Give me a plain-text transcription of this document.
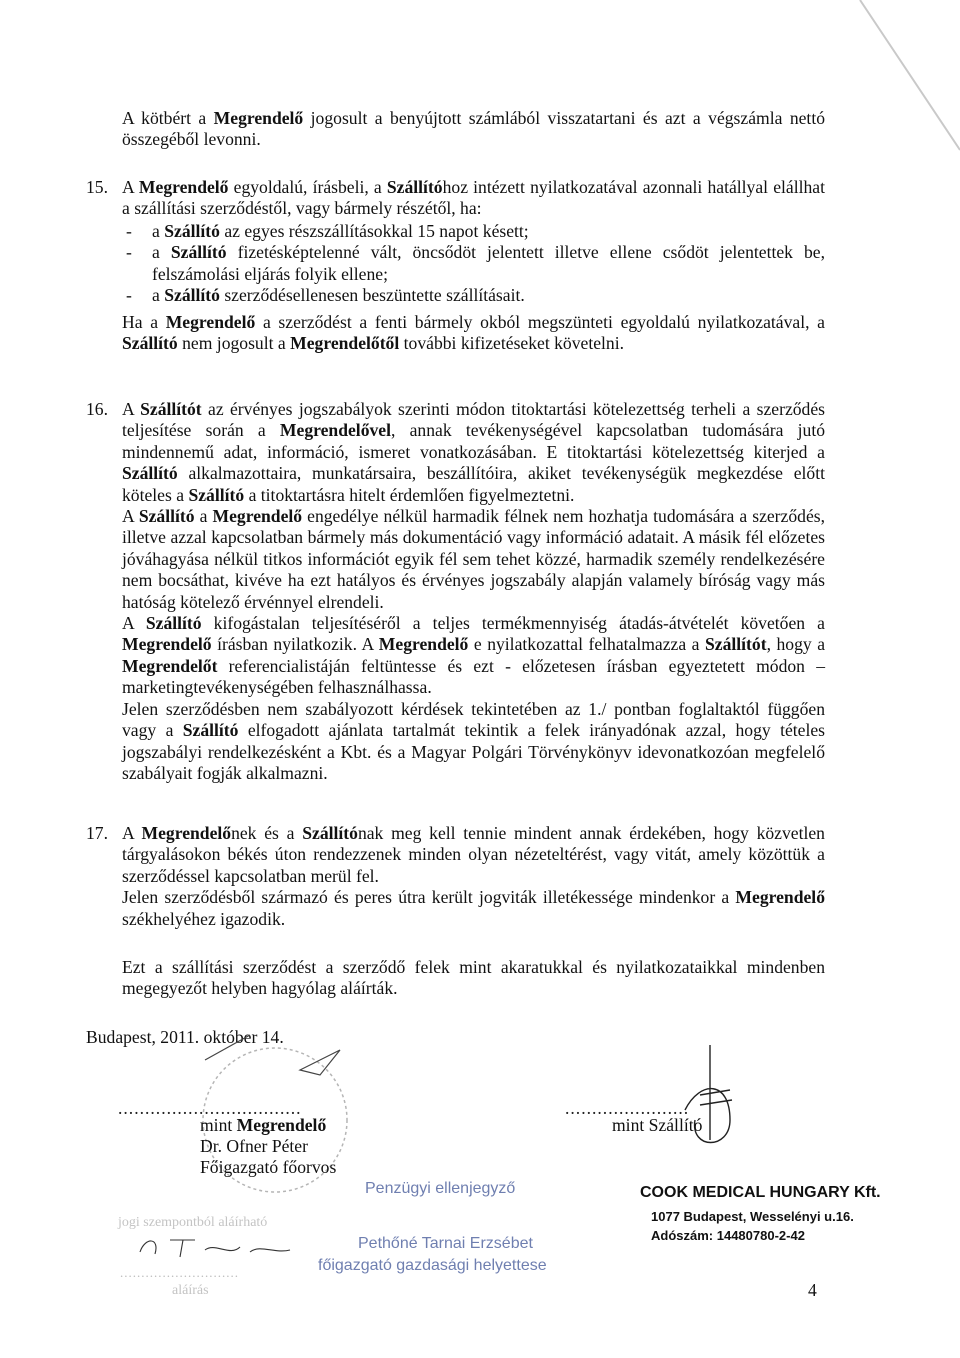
A kötbért a Megrendelő jogosult a benyújtott számlából visszatartani és azt a végszámla nettó összegéből levonni.

15. A Megrendelő egyoldalú, írásbeli, a Szállítóhoz intézett nyilatkozatával azonnali hatállyal elállhat a szállítási szerződéstől, vagy bármely részétől, ha:

- a Szállító az egyes részszállításokkal 15 napot késett;
- a Szállító fizetésképtelenné vált, öncsődöt jelentett illetve ellene csődöt jelentettek be, felszámolási eljárás folyik ellene;
- a Szállító szerződésellenesen beszüntette szállításait.

Ha a Megrendelő a szerződést a fenti bármely okból megszünteti egyoldalú nyilatkozatával, a Szállító nem jogosult a Megrendelőtől további kifizetéseket követelni.

16. A Szállítót az érvényes jogszabályok szerinti módon titoktartási kötelezettség terheli a szerződés teljesítése során a Megrendelővel, annak tevékenységével kapcsolatban tudomására jutó mindennemű adat, információ, ismeret vonatkozásában. E titoktartási kötelezettség kiterjed a Szállító alkalmazottaira, munkatársaira, beszállítóira, akiket tevékenységük megkezdése előtt köteles a Szállító a titoktartásra hitelt érdemlően figyelmeztetni.

A Szállító a Megrendelő engedélye nélkül harmadik félnek nem hozhatja tudomására a szerződés, illetve azzal kapcsolatban bármely más dokumentáció vagy információ adatait. A másik fél előzetes jóváhagyása nélkül titkos információt egyik fél sem tehet közzé, harmadik személy rendelkezésére nem bocsáthat, kivéve ha ezt hatályos és érvényes jogszabály alapján valamely bíróság vagy más hatóság kötelező érvénnyel elrendeli.

A Szállító kifogástalan teljesítéséről a teljes termékmennyiség átadás-átvételét követően a Megrendelő írásban nyilatkozik. A Megrendelő e nyilatkozattal felhatalmazza a Szállítót, hogy a Megrendelőt referencialistáján feltüntesse és ezt - előzetesen írásban egyeztetett módon – marketingtevékenységében felhasználhassa.

Jelen szerződésben nem szabályozott kérdések tekintetében az 1./ pontban foglaltaktól függően vagy a Szállító elfogadott ajánlata tartalmát tekintik a felek irányadónak azzal, hogy tételes jogszabályi rendelkezésként a Kbt. és a Magyar Polgári Törvénykönyv idevonatkozóan megfelelő szabályait fogják alkalmazni.

17. A Megrendelőnek és a Szállítónak meg kell tennie mindent annak érdekében, hogy közvetlen tárgyalásokon békés úton rendezzenek minden olyan nézeteltérést, vagy vitát, amely közöttük a szerződéssel kapcsolatban merül fel.

Jelen szerződésből származó és peres útra került jogviták illetékessége mindenkor a Megrendelő székhelyéhez igazodik.

Ezt a szállítási szerződést a szerződő felek mint akaratukkal és nyilatkozataikkal mindenben megegyezőt helyben hagyólag aláírták.

Budapest, 2011. október 14.
..................................
mint Megrendelő
Dr. Ofner Péter
Főigazgató főorvos
.......................
mint Szállító
Penzügyi ellenjegyző
Pethőné Tarnai Erzsébet
főigazgató gazdasági helyettese
jogi szempontból aláírható
............................
aláírás
COOK MEDICAL HUNGARY Kft.
1077 Budapest, Wesselényi u.16.
Adószám: 14480780-2-42
4
